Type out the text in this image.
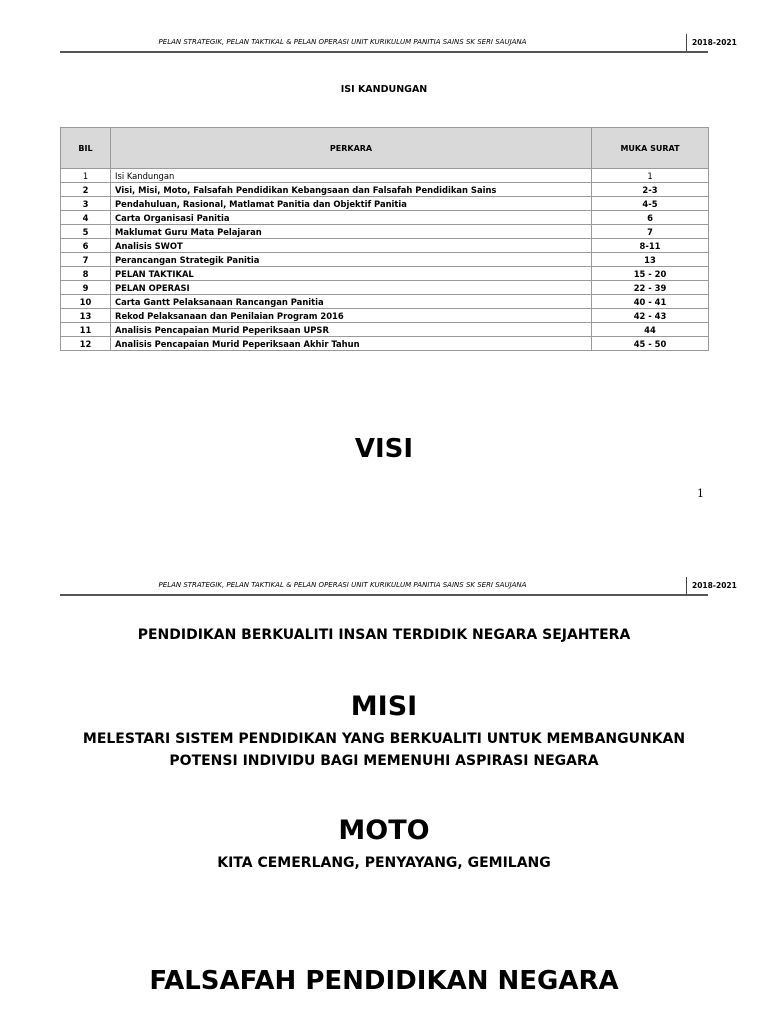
PELAN STRATEGIK, PELAN TAKTIKAL & PELAN OPERASI UNIT KURIKULUM PANITIA SAINS SK SERI SAUJANA	2018-2021
ISI KANDUNGAN
BIL	PERKARA	MUKA SURAT
1	Isi Kandungan	1
2	Visi, Misi, Moto, Falsafah Pendidikan Kebangsaan dan Falsafah Pendidikan Sains	2-3
3	Pendahuluan, Rasional, Matlamat Panitia dan Objektif Panitia	4-5
4	Carta Organisasi Panitia	6
5	Maklumat Guru Mata Pelajaran	7
6	Analisis SWOT	8-11
7	Perancangan Strategik Panitia	13
8	PELAN TAKTIKAL	15 - 20
9	PELAN OPERASI	22 - 39
10	Carta Gantt Pelaksanaan Rancangan Panitia	40 - 41
13	Rekod Pelaksanaan dan Penilaian Program 2016	42 - 43
11	Analisis Pencapaian Murid Peperiksaan UPSR	44
12	Analisis Pencapaian Murid Peperiksaan Akhir Tahun	45 - 50
VISI
1
PELAN STRATEGIK, PELAN TAKTIKAL & PELAN OPERASI UNIT KURIKULUM PANITIA SAINS SK SERI SAUJANA	2018-2021
PENDIDIKAN BERKUALITI INSAN TERDIDIK NEGARA SEJAHTERA
MISI
MELESTARI SISTEM PENDIDIKAN YANG BERKUALITI UNTUK MEMBANGUNKAN
POTENSI INDIVIDU BAGI MEMENUHI ASPIRASI NEGARA
MOTO
KITA CEMERLANG, PENYAYANG, GEMILANG
FALSAFAH PENDIDIKAN NEGARA
